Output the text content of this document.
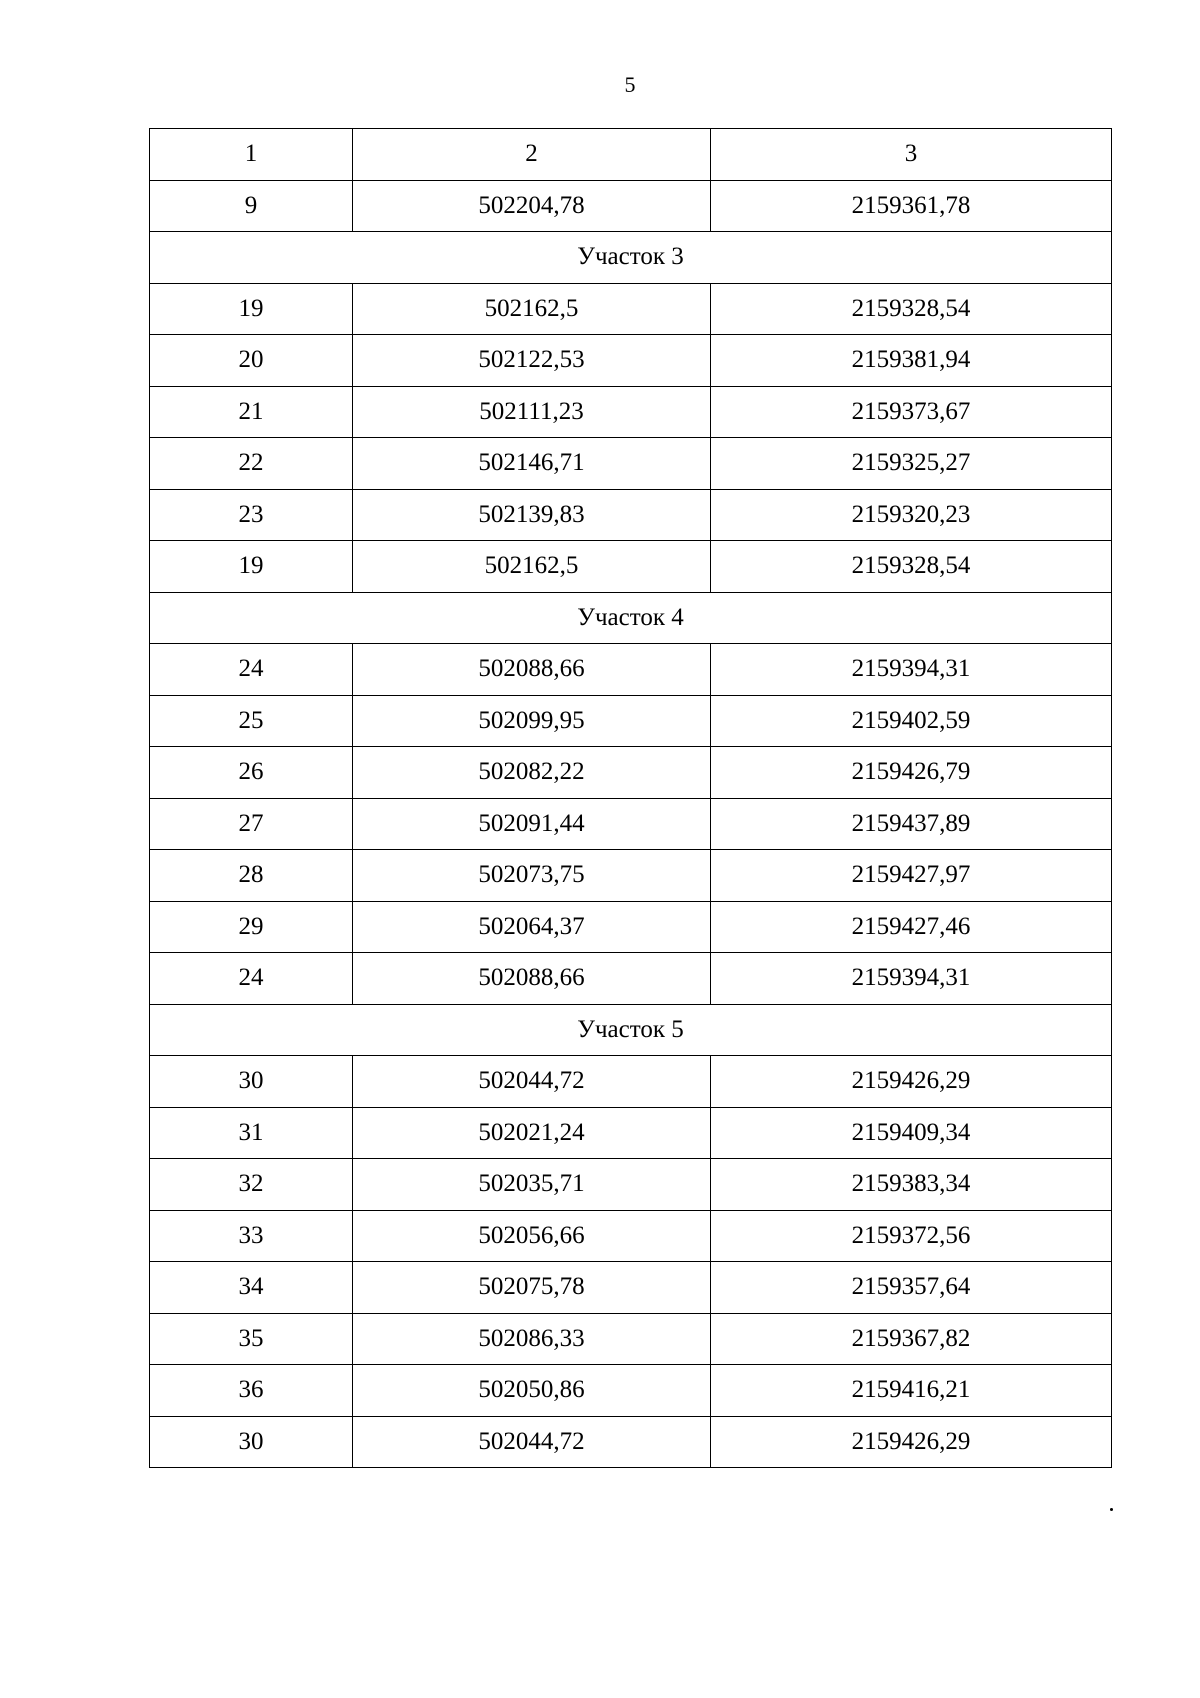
5
1	2	3
9	502204,78	2159361,78
Участок 3		
19	502162,5	2159328,54
20	502122,53	2159381,94
21	502111,23	2159373,67
22	502146,71	2159325,27
23	502139,83	2159320,23
19	502162,5	2159328,54
Участок 4		
24	502088,66	2159394,31
25	502099,95	2159402,59
26	502082,22	2159426,79
27	502091,44	2159437,89
28	502073,75	2159427,97
29	502064,37	2159427,46
24	502088,66	2159394,31
Участок 5		
30	502044,72	2159426,29
31	502021,24	2159409,34
32	502035,71	2159383,34
33	502056,66	2159372,56
34	502075,78	2159357,64
35	502086,33	2159367,82
36	502050,86	2159416,21
30	502044,72	2159426,29
